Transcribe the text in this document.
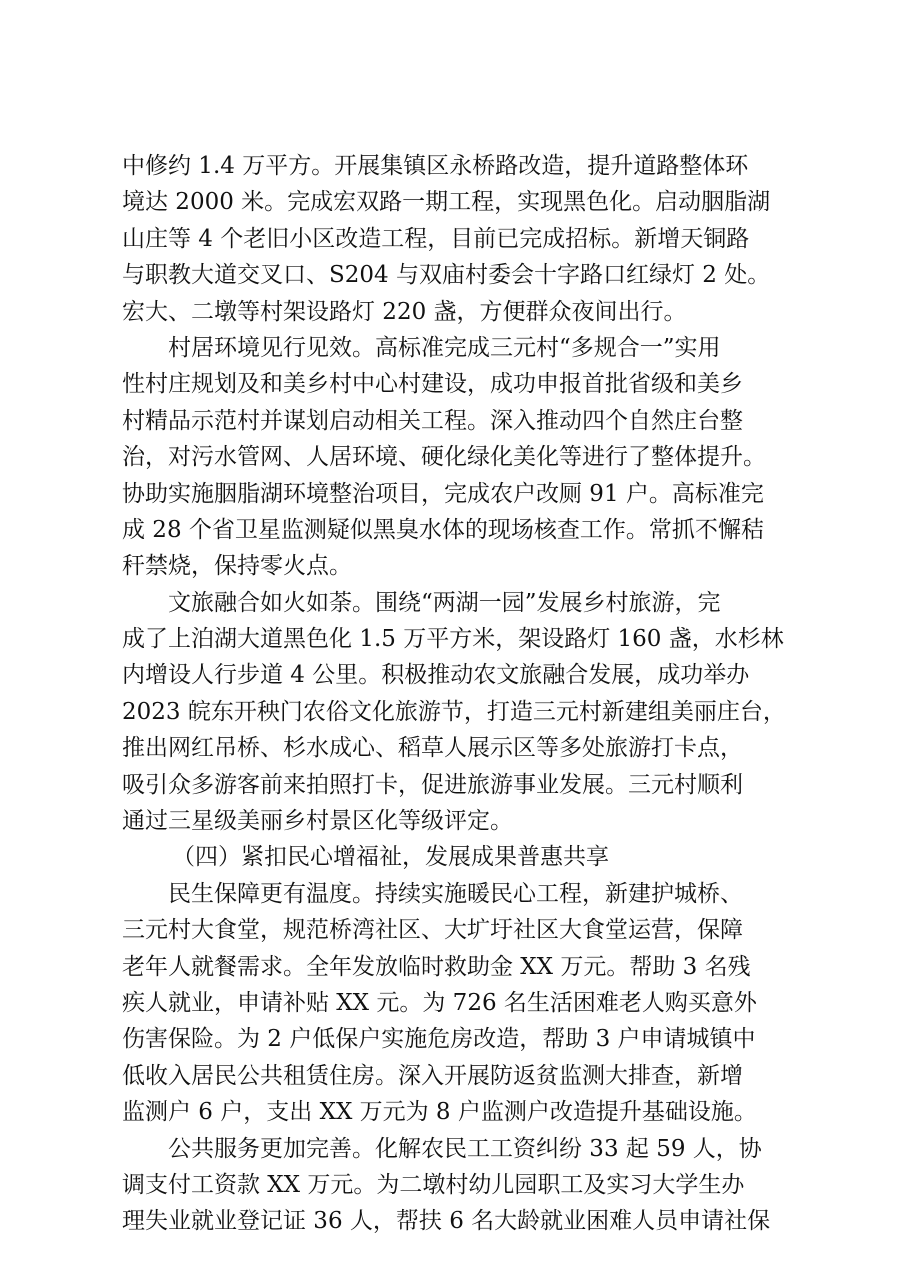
中修约 1.4 万平方。开展集镇区永桥路改造，提升道路整体环
境达 2000 米。完成宏双路一期工程，实现黑色化。启动胭脂湖
山庄等 4 个老旧小区改造工程，目前已完成招标。新增天铜路
与职教大道交叉口、S204 与双庙村委会十字路口红绿灯 2 处。
宏大、二墩等村架设路灯 220 盏，方便群众夜间出行。
村居环境见行见效。高标准完成三元村“多规合一”实用
性村庄规划及和美乡村中心村建设，成功申报首批省级和美乡
村精品示范村并谋划启动相关工程。深入推动四个自然庄台整
治，对污水管网、人居环境、硬化绿化美化等进行了整体提升。
协助实施胭脂湖环境整治项目，完成农户改厕 91 户。高标准完
成 28 个省卫星监测疑似黑臭水体的现场核查工作。常抓不懈秸
秆禁烧，保持零火点。
文旅融合如火如荼。围绕“两湖一园”发展乡村旅游，完
成了上泊湖大道黑色化 1.5 万平方米，架设路灯 160 盏，水杉林
内增设人行步道 4 公里。积极推动农文旅融合发展，成功举办
2023 皖东开秧门农俗文化旅游节，打造三元村新建组美丽庄台，
推出网红吊桥、杉水成心、稻草人展示区等多处旅游打卡点，
吸引众多游客前来拍照打卡，促进旅游事业发展。三元村顺利
通过三星级美丽乡村景区化等级评定。
（四）紧扣民心增福祉，发展成果普惠共享
民生保障更有温度。持续实施暖民心工程，新建护城桥、
三元村大食堂，规范桥湾社区、大圹圩社区大食堂运营，保障
老年人就餐需求。全年发放临时救助金 XX 万元。帮助 3 名残
疾人就业，申请补贴 XX 元。为 726 名生活困难老人购买意外
伤害保险。为 2 户低保户实施危房改造，帮助 3 户申请城镇中
低收入居民公共租赁住房。深入开展防返贫监测大排查，新增
监测户 6 户，支出 XX 万元为 8 户监测户改造提升基础设施。
公共服务更加完善。化解农民工工资纠纷 33 起 59 人，协
调支付工资款 XX 万元。为二墩村幼儿园职工及实习大学生办
理失业就业登记证 36 人，帮扶 6 名大龄就业困难人员申请社保
